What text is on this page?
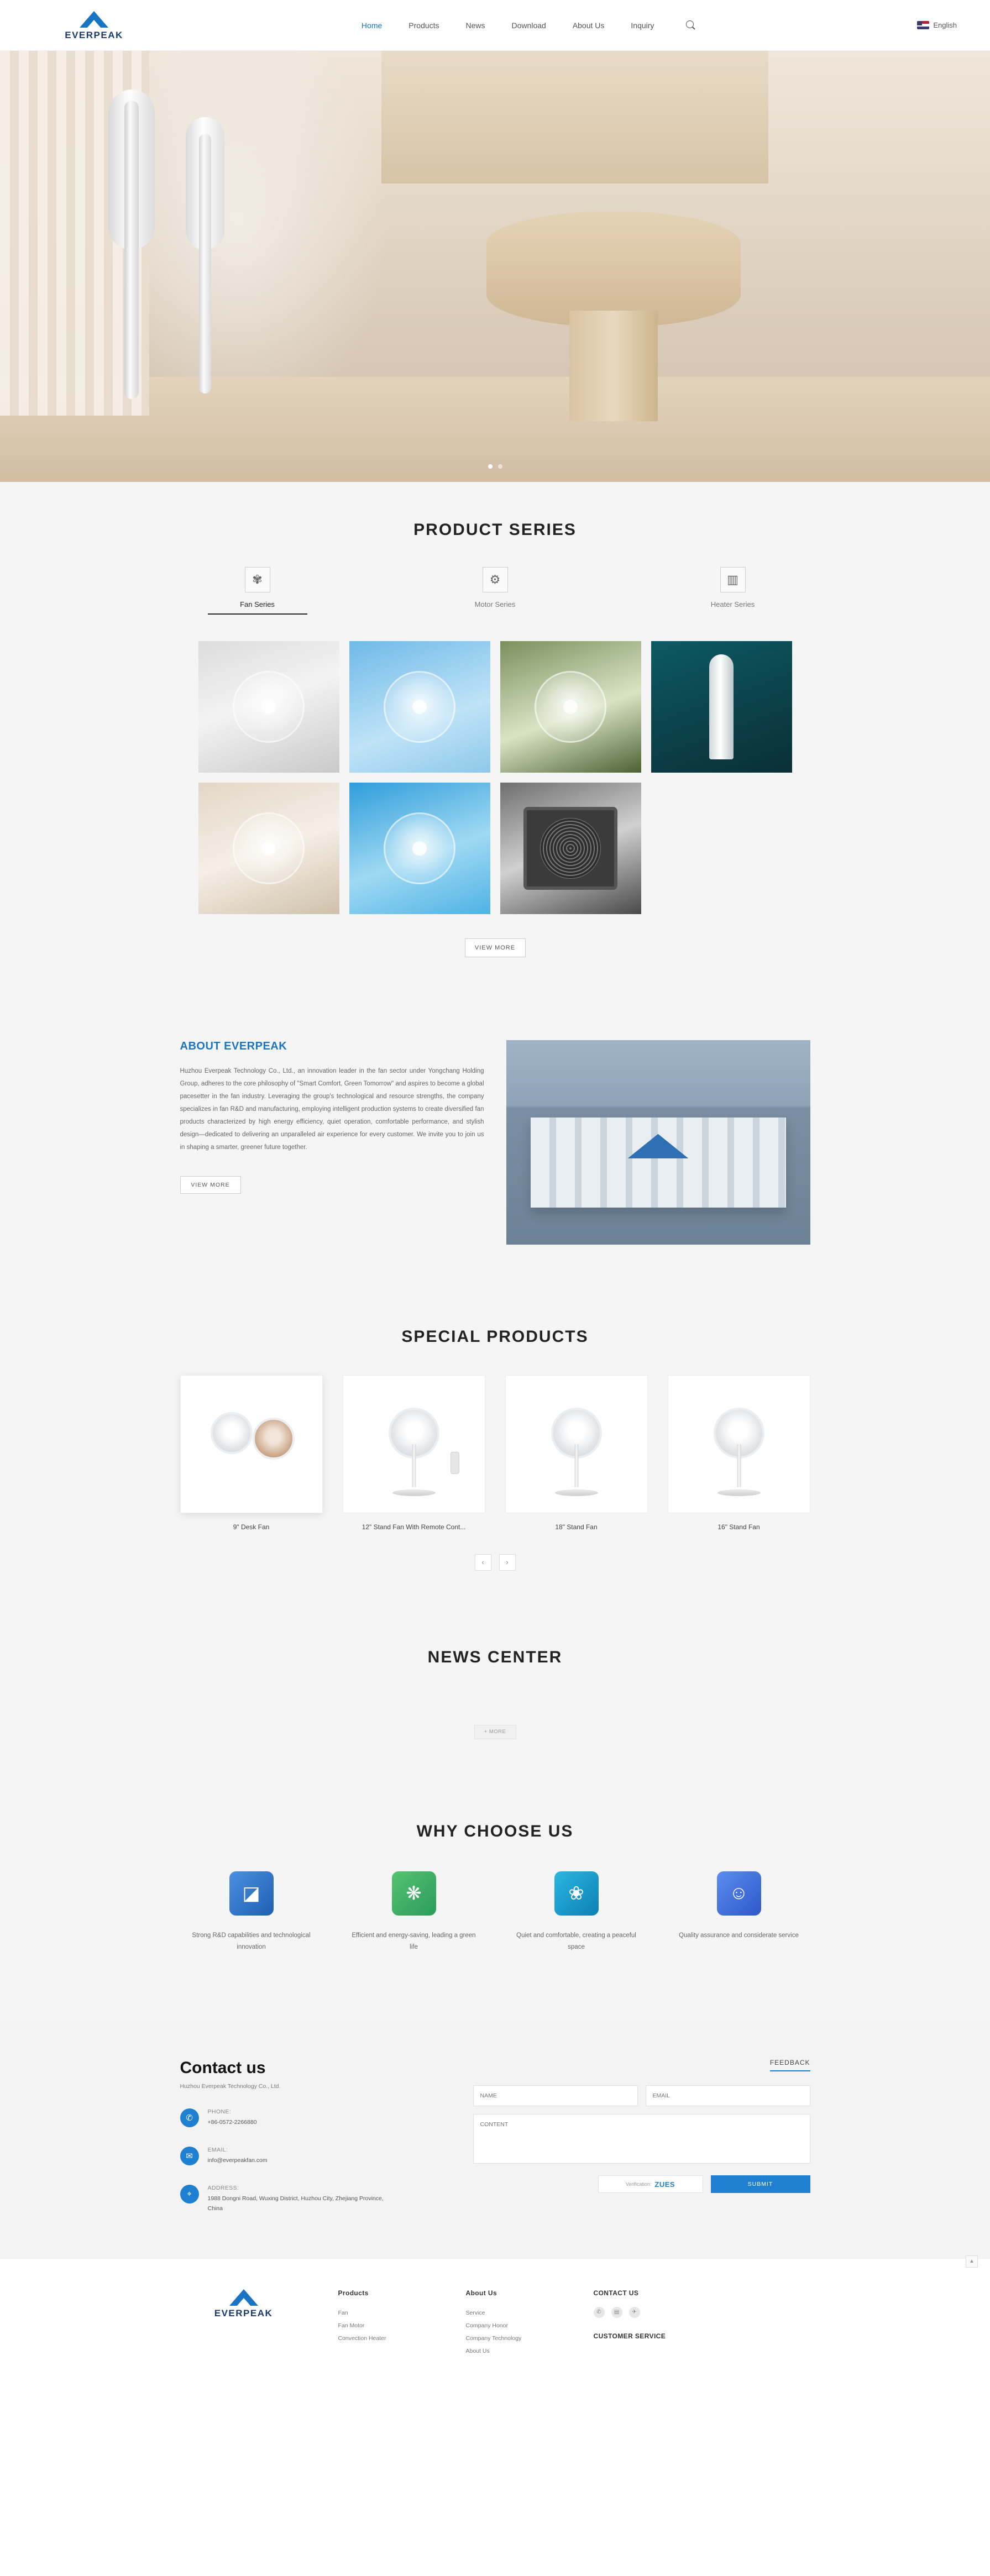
EVERPEAK
Home	Products	News	Download	About Us	Inquiry	English
PRODUCT SERIES
✾
Fan Series
⚙
Motor Series
▥
Heater Series
VIEW MORE
ABOUT EVERPEAK
Huzhou Everpeak Technology Co., Ltd., an innovation leader in the fan sector under Yongchang Holding Group, adheres to the core philosophy of "Smart Comfort, Green Tomorrow" and aspires to become a global pacesetter in the fan industry. Leveraging the group's technological and resource strengths, the company specializes in fan R&D and manufacturing, employing intelligent production systems to create diversified fan products characterized by high energy efficiency, quiet operation, comfortable performance, and stylish design—dedicated to delivering an unparalleled air experience for every customer. We invite you to join us in shaping a smarter, greener future together.
VIEW MORE
SPECIAL PRODUCTS
9" Desk Fan	12" Stand Fan With Remote Cont...	18" Stand Fan	16" Stand Fan
‹	›
NEWS CENTER
+ MORE
WHY CHOOSE US
◪
Strong R&D capabilities and technological innovation
❋
Efficient and energy-saving, leading a green life
❀
Quiet and comfortable, creating a peaceful space
☺
Quality assurance and considerate service
Contact us
Huzhou Everpeak Technology Co., Ltd.
✆
PHONE:
+86-0572-2266880
✉
EMAIL:
info@everpeakfan.com
⌖
ADDRESS:
1988 Dongni Road, Wuxing District, Huzhou City, Zhejiang Province, China
FEEDBACK
NAME
EMAIL
CONTENT
Verification: ZUES	SUBMIT
▲
EVERPEAK
Products
Fan
Fan Motor
Convection Heater
About Us
Service
Company Honor
Company Technology
About Us
CONTACT US
✆	▤	✈
CUSTOMER SERVICE
